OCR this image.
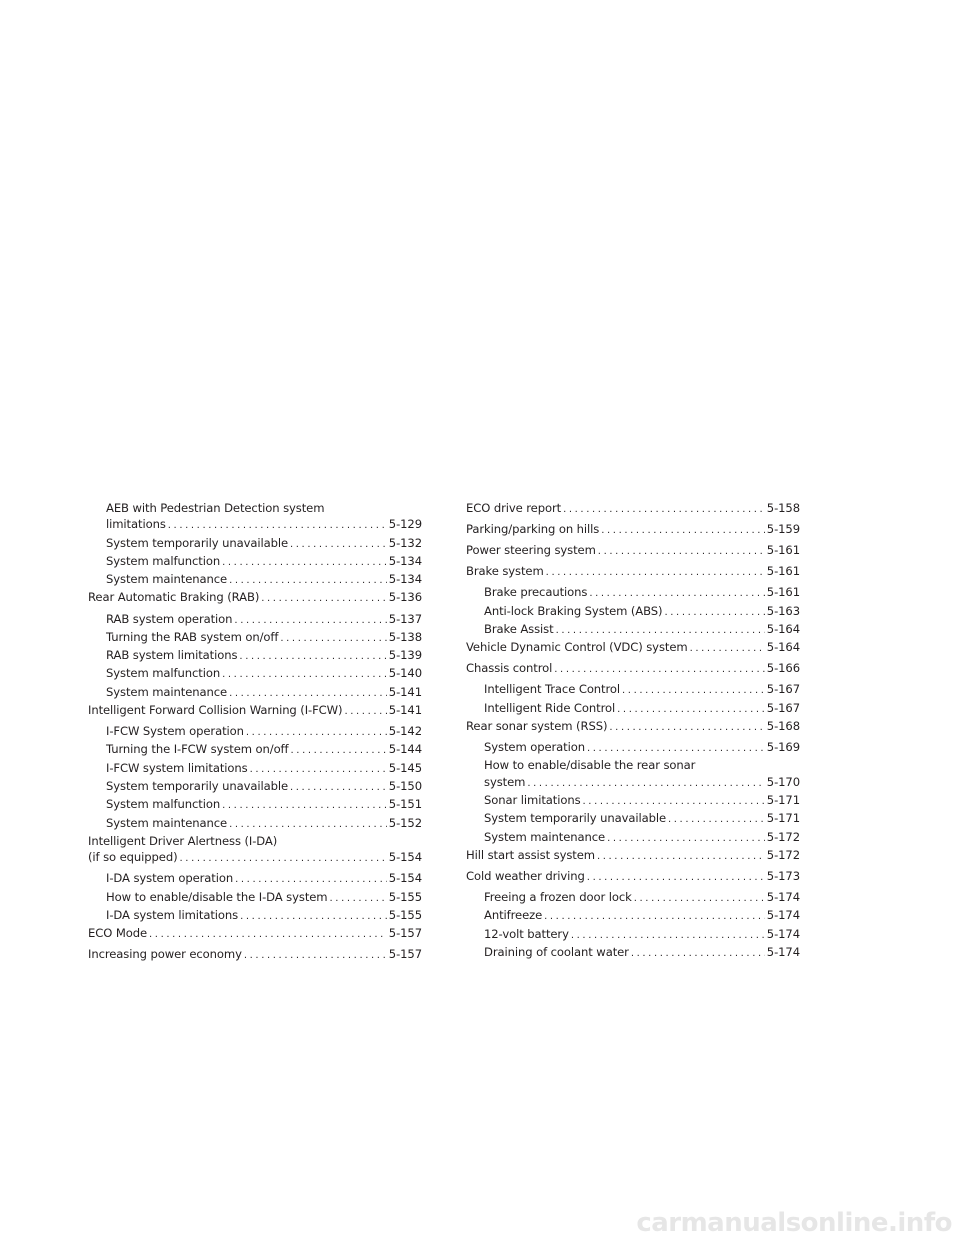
AEB with Pedestrian Detection system
limitations .....	5-129
System temporarily unavailable .....	5-132
System malfunction .....	5-134
System maintenance .....	5-134
Rear Automatic Braking (RAB) .....	5-136
RAB system operation .....	5-137
Turning the RAB system on/off .....	5-138
RAB system limitations .....	5-139
System malfunction .....	5-140
System maintenance .....	5-141
Intelligent Forward Collision Warning (I-FCW) .....	5-141
I-FCW System operation .....	5-142
Turning the I-FCW system on/off .....	5-144
I-FCW system limitations .....	5-145
System temporarily unavailable .....	5-150
System malfunction .....	5-151
System maintenance .....	5-152
Intelligent Driver Alertness (I-DA)
(if so equipped) .....	5-154
I-DA system operation .....	5-154
How to enable/disable the I-DA system .....	5-155
I-DA system limitations .....	5-155
ECO Mode .....	5-157
Increasing power economy .....	5-157
ECO drive report .....	5-158
Parking/parking on hills .....	5-159
Power steering system .....	5-161
Brake system .....	5-161
Brake precautions .....	5-161
Anti-lock Braking System (ABS) .....	5-163
Brake Assist .....	5-164
Vehicle Dynamic Control (VDC) system .....	5-164
Chassis control .....	5-166
Intelligent Trace Control .....	5-167
Intelligent Ride Control .....	5-167
Rear sonar system (RSS) .....	5-168
System operation .....	5-169
How to enable/disable the rear sonar
system .....	5-170
Sonar limitations .....	5-171
System temporarily unavailable .....	5-171
System maintenance .....	5-172
Hill start assist system .....	5-172
Cold weather driving .....	5-173
Freeing a frozen door lock .....	5-174
Antifreeze .....	5-174
12-volt battery .....	5-174
Draining of coolant water .....	5-174
carmanualsonline.info
